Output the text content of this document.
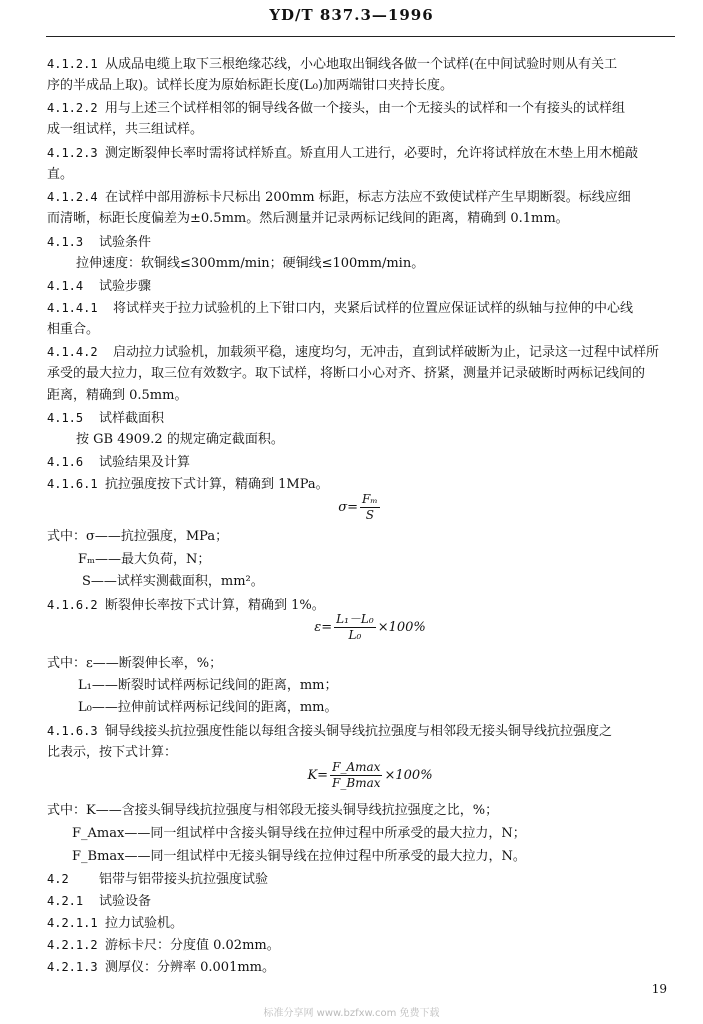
YD/T 837.3—1996
4.1.2.1 从成品电缆上取下三根绝缘芯线，小心地取出铜线各做一个试样(在中间试验时则从有关工
序的半成品上取)。试样长度为原始标距长度(L₀)加两端钳口夹持长度。
4.1.2.2 用与上述三个试样相邻的铜导线各做一个接头，由一个无接头的试样和一个有接头的试样组
成一组试样，共三组试样。
4.1.2.3 测定断裂伸长率时需将试样矫直。矫直用人工进行，必要时，允许将试样放在木垫上用木槌敲
直。
4.1.2.4 在试样中部用游标卡尺标出 200mm 标距，标志方法应不致使试样产生早期断裂。标线应细
而清晰，标距长度偏差为±0.5mm。然后测量并记录两标记线间的距离，精确到 0.1mm。
4.1.3 试验条件
拉伸速度：软铜线≤300mm/min；硬铜线≤100mm/min。
4.1.4 试验步骤
4.1.4.1 将试样夹于拉力试验机的上下钳口内，夹紧后试样的位置应保证试样的纵轴与拉伸的中心线
相重合。
4.1.4.2 启动拉力试验机，加载须平稳，速度均匀，无冲击，直到试样破断为止，记录这一过程中试样所
承受的最大拉力，取三位有效数字。取下试样，将断口小心对齐、挤紧，测量并记录破断时两标记线间的
距离，精确到 0.5mm。
4.1.5 试样截面积
按 GB 4909.2 的规定确定截面积。
4.1.6 试验结果及计算
4.1.6.1 抗拉强度按下式计算，精确到 1MPa。
$\sigma= \frac{\text{Fₘ}}{S}$
式中：σ——抗拉强度，MPa；
Fₘ——最大负荷，N；
S——试样实测截面积，mm²。
4.1.6.2 断裂伸长率按下式计算，精确到 1%。
$\varepsilon= \frac{\text{L₁－L₀}}{\text{L₀}} \times 100\%$
式中：ε——断裂伸长率，%；
L₁——断裂时试样两标记线间的距离，mm；
L₀——拉伸前试样两标记线间的距离，mm。
4.1.6.3 铜导线接头抗拉强度性能以每组含接头铜导线抗拉强度与相邻段无接头铜导线抗拉强度之
比表示，按下式计算：
$K= \frac{F\_Amax}{F\_Bmax} \times 100\%$
式中：K——含接头铜导线抗拉强度与相邻段无接头铜导线抗拉强度之比，%；
F_Amax——同一组试样中含接头铜导线在拉伸过程中所承受的最大拉力，N；
F_Bmax——同一组试样中无接头铜导线在拉伸过程中所承受的最大拉力，N。
4.2 铝带与铝带接头抗拉强度试验
4.2.1 试验设备
4.2.1.1 拉力试验机。
4.2.1.2 游标卡尺：分度值 0.02mm。
4.2.1.3 测厚仪：分辨率 0.001mm。
19
标准分享网 www.bzfxw.com 免费下载
